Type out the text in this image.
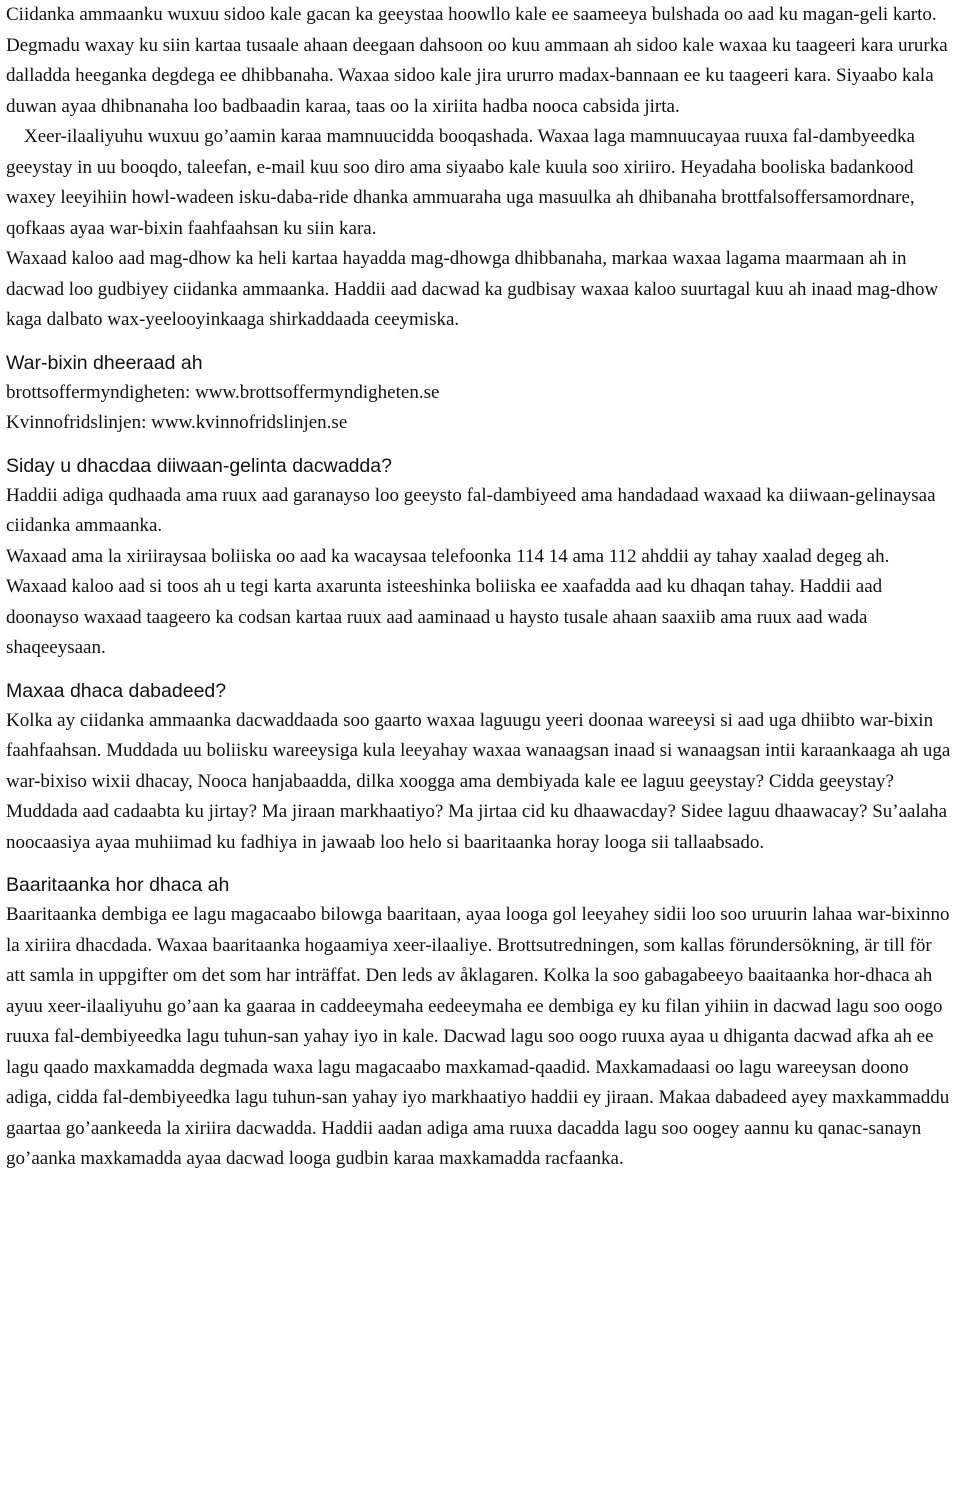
Ciidanka ammaanku wuxuu sidoo kale gacan ka geeystaa hoowllo kale ee saameeya bulshada oo aad ku magan-geli karto. Degmadu waxay ku siin kartaa tusaale ahaan deegaan dahsoon oo kuu ammaan ah sidoo kale waxaa ku taageeri kara ururka dalladda heeganka degdega ee dhibbanaha. Waxaa sidoo kale jira ururro madax-bannaan ee ku taageeri kara. Siyaabo kala duwan ayaa dhibnanaha loo badbaadin karaa, taas oo la xiriita hadba nooca cabsida jirta.

Xeer-ilaaliyuhu wuxuu go’aamin karaa mamnuucidda booqashada. Waxaa laga mamnuucayaa ruuxa fal-dambyeedka geeystay in uu booqdo, taleefan, e-mail kuu soo diro ama siyaabo kale kuula soo xiriiro. Heyadaha booliska badankood waxey leeyihiin howl-wadeen isku-daba-ride dhanka ammuaraha uga masuulka ah dhibanaha brottfalsoffersamordnare, qofkaas ayaa war-bixin faahfaahsan ku siin kara.

Waxaad kaloo aad mag-dhow ka heli kartaa hayadda mag-dhowga dhibbanaha, markaa waxaa lagama maarmaan ah in dacwad loo gudbiyey ciidanka ammaanka. Haddii aad dacwad ka gudbisay waxaa kaloo suurtagal kuu ah inaad mag-dhow kaga dalbato wax-yeelooyinkaaga shirkaddaada ceeymiska.

War-bixin dheeraad ah

brottsoffermyndigheten: www.brottsoffermyndigheten.se

Kvinnofridslinjen: www.kvinnofridslinjen.se

Siday u dhacdaa diiwaan-gelinta dacwadda?

Haddii adiga qudhaada ama ruux aad garanayso loo geeysto fal-dambiyeed ama handadaad waxaad ka diiwaan-gelinaysaa ciidanka ammaanka.

Waxaad ama la xiriiraysaa boliiska oo aad ka wacaysaa telefoonka 114 14 ama 112 ahddii ay tahay xaalad degeg ah. Waxaad kaloo aad si toos ah u tegi karta axarunta isteeshinka boliiska ee xaafadda aad ku dhaqan tahay. Haddii aad doonayso waxaad taageero ka codsan kartaa ruux aad aaminaad u haysto tusale ahaan saaxiib ama ruux aad wada shaqeeysaan.

Maxaa dhaca dabadeed?

Kolka ay ciidanka ammaanka dacwaddaada soo gaarto waxaa laguugu yeeri doonaa wareeysi si aad uga dhiibto war-bixin faahfaahsan. Muddada uu boliisku wareeysiga kula leeyahay waxaa wanaagsan inaad si wanaagsan intii karaankaaga ah uga war-bixiso wixii dhacay, Nooca hanjabaadda, dilka xoogga ama dembiyada kale ee laguu geeystay? Cidda geeystay? Muddada aad cadaabta ku jirtay? Ma jiraan markhaatiyo? Ma jirtaa cid ku dhaawacday? Sidee laguu dhaawacay? Su’aalaha noocaasiya ayaa muhiimad ku fadhiya in jawaab loo helo si baaritaanka horay looga sii tallaabsado.

Baaritaanka hor dhaca ah

Baaritaanka dembiga ee lagu magacaabo bilowga baaritaan, ayaa looga gol leeyahey sidii loo soo uruurin lahaa war-bixinno la xiriira dhacdada. Waxaa baaritaanka hogaamiya xeer-ilaaliye. Brottsutredningen, som kallas förundersökning, är till för att samla in uppgifter om det som har inträffat. Den leds av åklagaren. Kolka la soo gabagabeeyo baaitaanka hor-dhaca ah ayuu xeer-ilaaliyuhu go’aan ka gaaraa in caddeeymaha eedeeymaha ee dembiga ey ku filan yihiin in dacwad lagu soo oogo ruuxa fal-dembiyeedka lagu tuhun-san yahay iyo in kale. Dacwad lagu soo oogo ruuxa ayaa u dhiganta dacwad afka ah ee lagu qaado maxkamadda degmada waxa lagu magacaabo maxkamad-qaadid. Maxkamadaasi oo lagu wareeysan doono adiga, cidda fal-dembiyeedka lagu tuhun-san yahay iyo markhaatiyo haddii ey jiraan. Makaa dabadeed ayey maxkammaddu gaartaa go’aankeeda la xiriira dacwadda. Haddii aadan adiga ama ruuxa dacadda lagu soo oogey aannu ku qanac-sanayn go’aanka maxkamadda ayaa dacwad looga gudbin karaa maxkamadda racfaanka.
